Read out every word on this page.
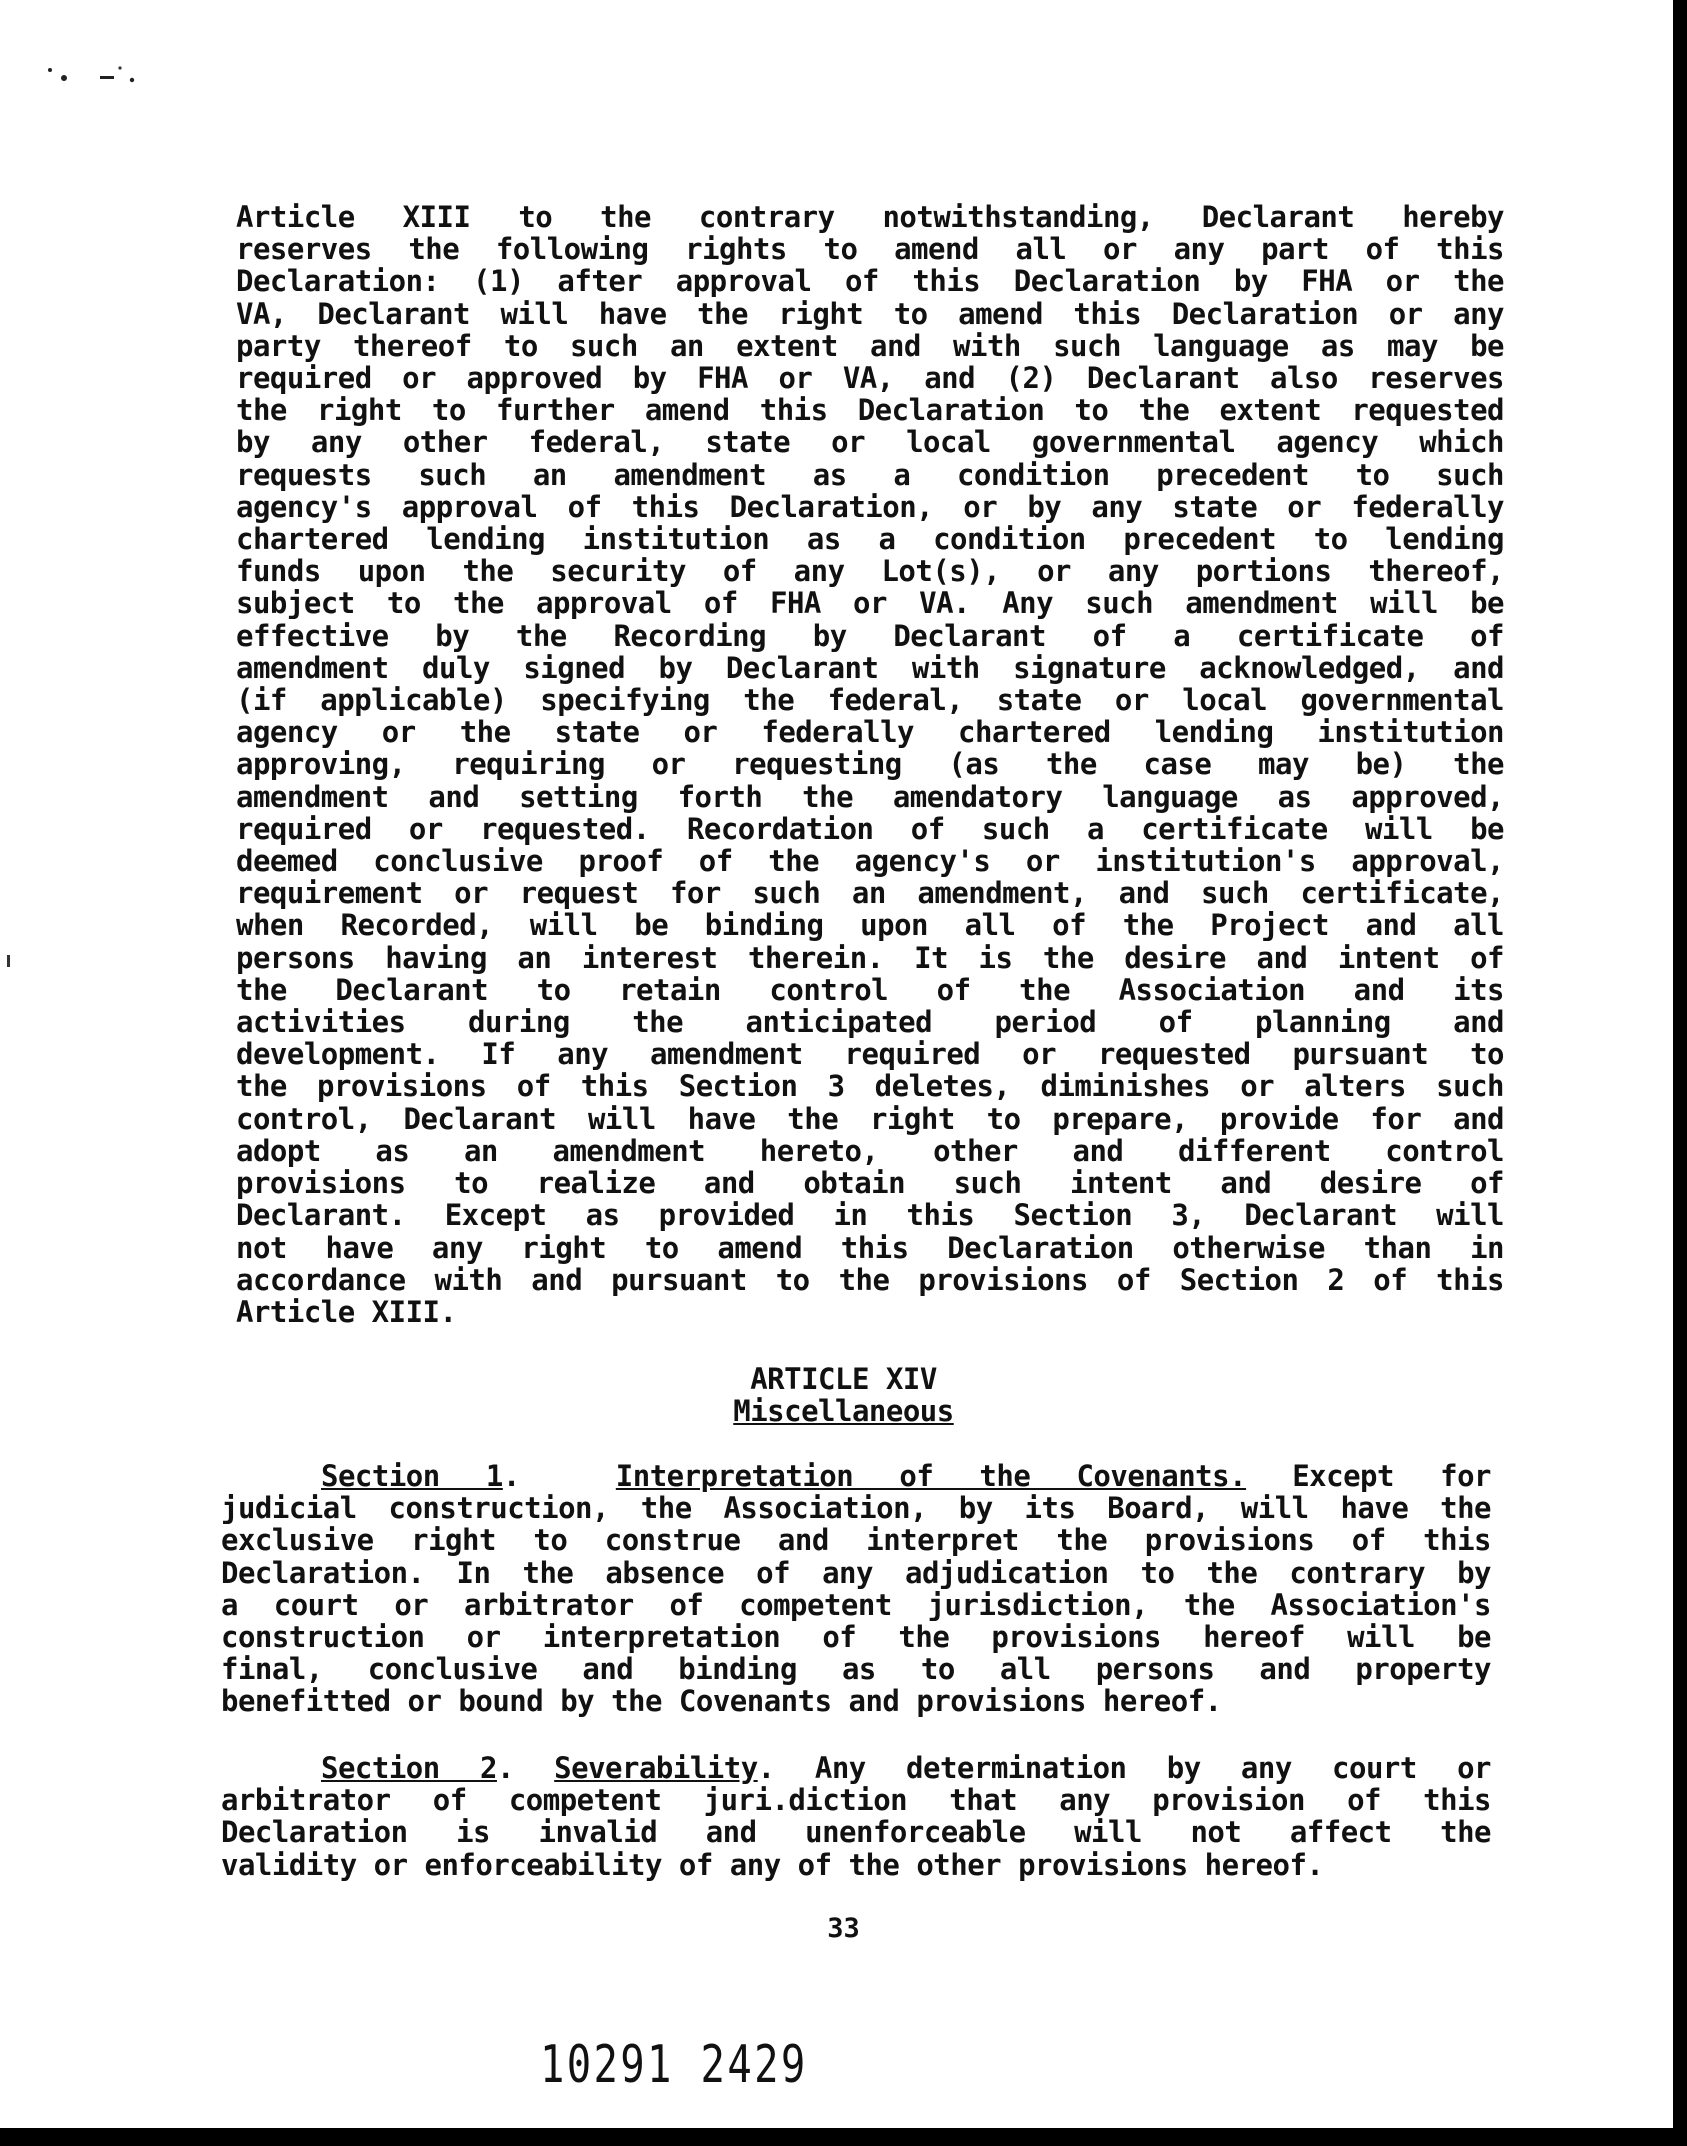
Article XIII to the contrary notwithstanding, Declarant hereby
reserves the following rights to amend all or any part of this
Declaration: (1) after approval of this Declaration by FHA or the
VA, Declarant will have the right to amend this Declaration or any
party thereof to such an extent and with such language as may be
required or approved by FHA or VA, and (2) Declarant also reserves
the right to further amend this Declaration to the extent requested
by any other federal, state or local governmental agency which
requests such an amendment as a condition precedent to such
agency's approval of this Declaration, or by any state or federally
chartered lending institution as a condition precedent to lending
funds upon the security of any Lot(s), or any portions thereof,
subject to the approval of FHA or VA. Any such amendment will be
effective by the Recording by Declarant of a certificate of
amendment duly signed by Declarant with signature acknowledged, and
(if applicable) specifying the federal, state or local governmental
agency or the state or federally chartered lending institution
approving, requiring or requesting (as the case may be) the
amendment and setting forth the amendatory language as approved,
required or requested. Recordation of such a certificate will be
deemed conclusive proof of the agency's or institution's approval,
requirement or request for such an amendment, and such certificate,
when Recorded, will be binding upon all of the Project and all
persons having an interest therein. It is the desire and intent of
the Declarant to retain control of the Association and its
activities during the anticipated period of planning and
development. If any amendment required or requested pursuant to
the provisions of this Section 3 deletes, diminishes or alters such
control, Declarant will have the right to prepare, provide for and
adopt as an amendment hereto, other and different control
provisions to realize and obtain such intent and desire of
Declarant. Except as provided in this Section 3, Declarant will
not have any right to amend this Declaration otherwise than in
accordance with and pursuant to the provisions of Section 2 of this
Article XIII.
ARTICLE XIV
Miscellaneous
Section 1.	Interpretation of the Covenants. Except for
judicial construction, the Association, by its Board, will have the
exclusive right to construe and interpret the provisions of this
Declaration. In the absence of any adjudication to the contrary by
a court or arbitrator of competent jurisdiction, the Association's
construction or interpretation of the provisions hereof will be
final, conclusive and binding as to all persons and property
benefitted or bound by the Covenants and provisions hereof.
Section 2. Severability. Any determination by any court or
arbitrator of competent juri.diction that any provision of this
Declaration is invalid and unenforceable will not affect the
validity or enforceability of any of the other provisions hereof.
33
10291 2429
